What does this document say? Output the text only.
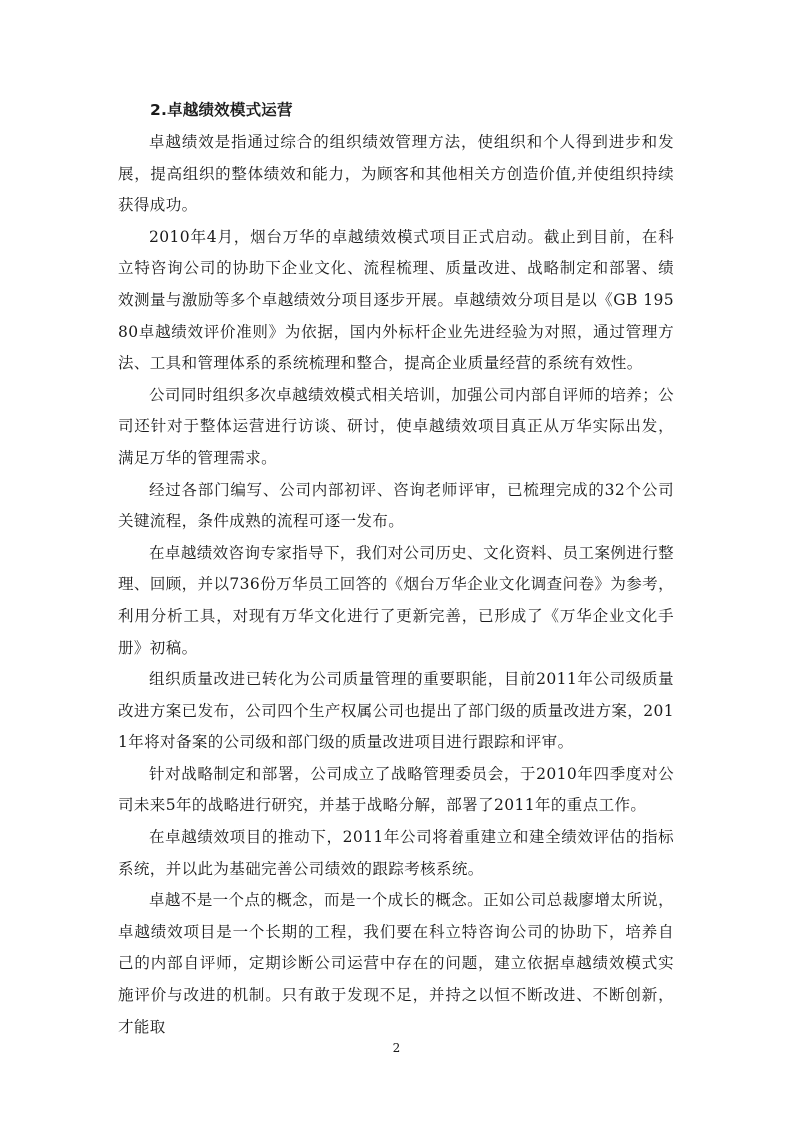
2.卓越绩效模式运营

卓越绩效是指通过综合的组织绩效管理方法，使组织和个人得到进步和发展，提高组织的整体绩效和能力，为顾客和其他相关方创造价值,并使组织持续获得成功。

2010年4月，烟台万华的卓越绩效模式项目正式启动。截止到目前，在科立特咨询公司的协助下企业文化、流程梳理、质量改进、战略制定和部署、绩效测量与激励等多个卓越绩效分项目逐步开展。卓越绩效分项目是以《GB 19580卓越绩效评价准则》为依据，国内外标杆企业先进经验为对照，通过管理方法、工具和管理体系的系统梳理和整合，提高企业质量经营的系统有效性。

公司同时组织多次卓越绩效模式相关培训，加强公司内部自评师的培养；公司还针对于整体运营进行访谈、研讨，使卓越绩效项目真正从万华实际出发，满足万华的管理需求。

经过各部门编写、公司内部初评、咨询老师评审，已梳理完成的32个公司关键流程，条件成熟的流程可逐一发布。

在卓越绩效咨询专家指导下，我们对公司历史、文化资料、员工案例进行整理、回顾，并以736份万华员工回答的《烟台万华企业文化调查问卷》为参考，利用分析工具，对现有万华文化进行了更新完善，已形成了《万华企业文化手册》初稿。

组织质量改进已转化为公司质量管理的重要职能，目前2011年公司级质量改进方案已发布，公司四个生产权属公司也提出了部门级的质量改进方案，2011年将对备案的公司级和部门级的质量改进项目进行跟踪和评审。

针对战略制定和部署，公司成立了战略管理委员会，于2010年四季度对公司未来5年的战略进行研究，并基于战略分解，部署了2011年的重点工作。

在卓越绩效项目的推动下，2011年公司将着重建立和建全绩效评估的指标系统，并以此为基础完善公司绩效的跟踪考核系统。

卓越不是一个点的概念，而是一个成长的概念。正如公司总裁廖增太所说，卓越绩效项目是一个长期的工程，我们要在科立特咨询公司的协助下，培养自己的内部自评师，定期诊断公司运营中存在的问题，建立依据卓越绩效模式实施评价与改进的机制。只有敢于发现不足，并持之以恒不断改进、不断创新，才能取

2
